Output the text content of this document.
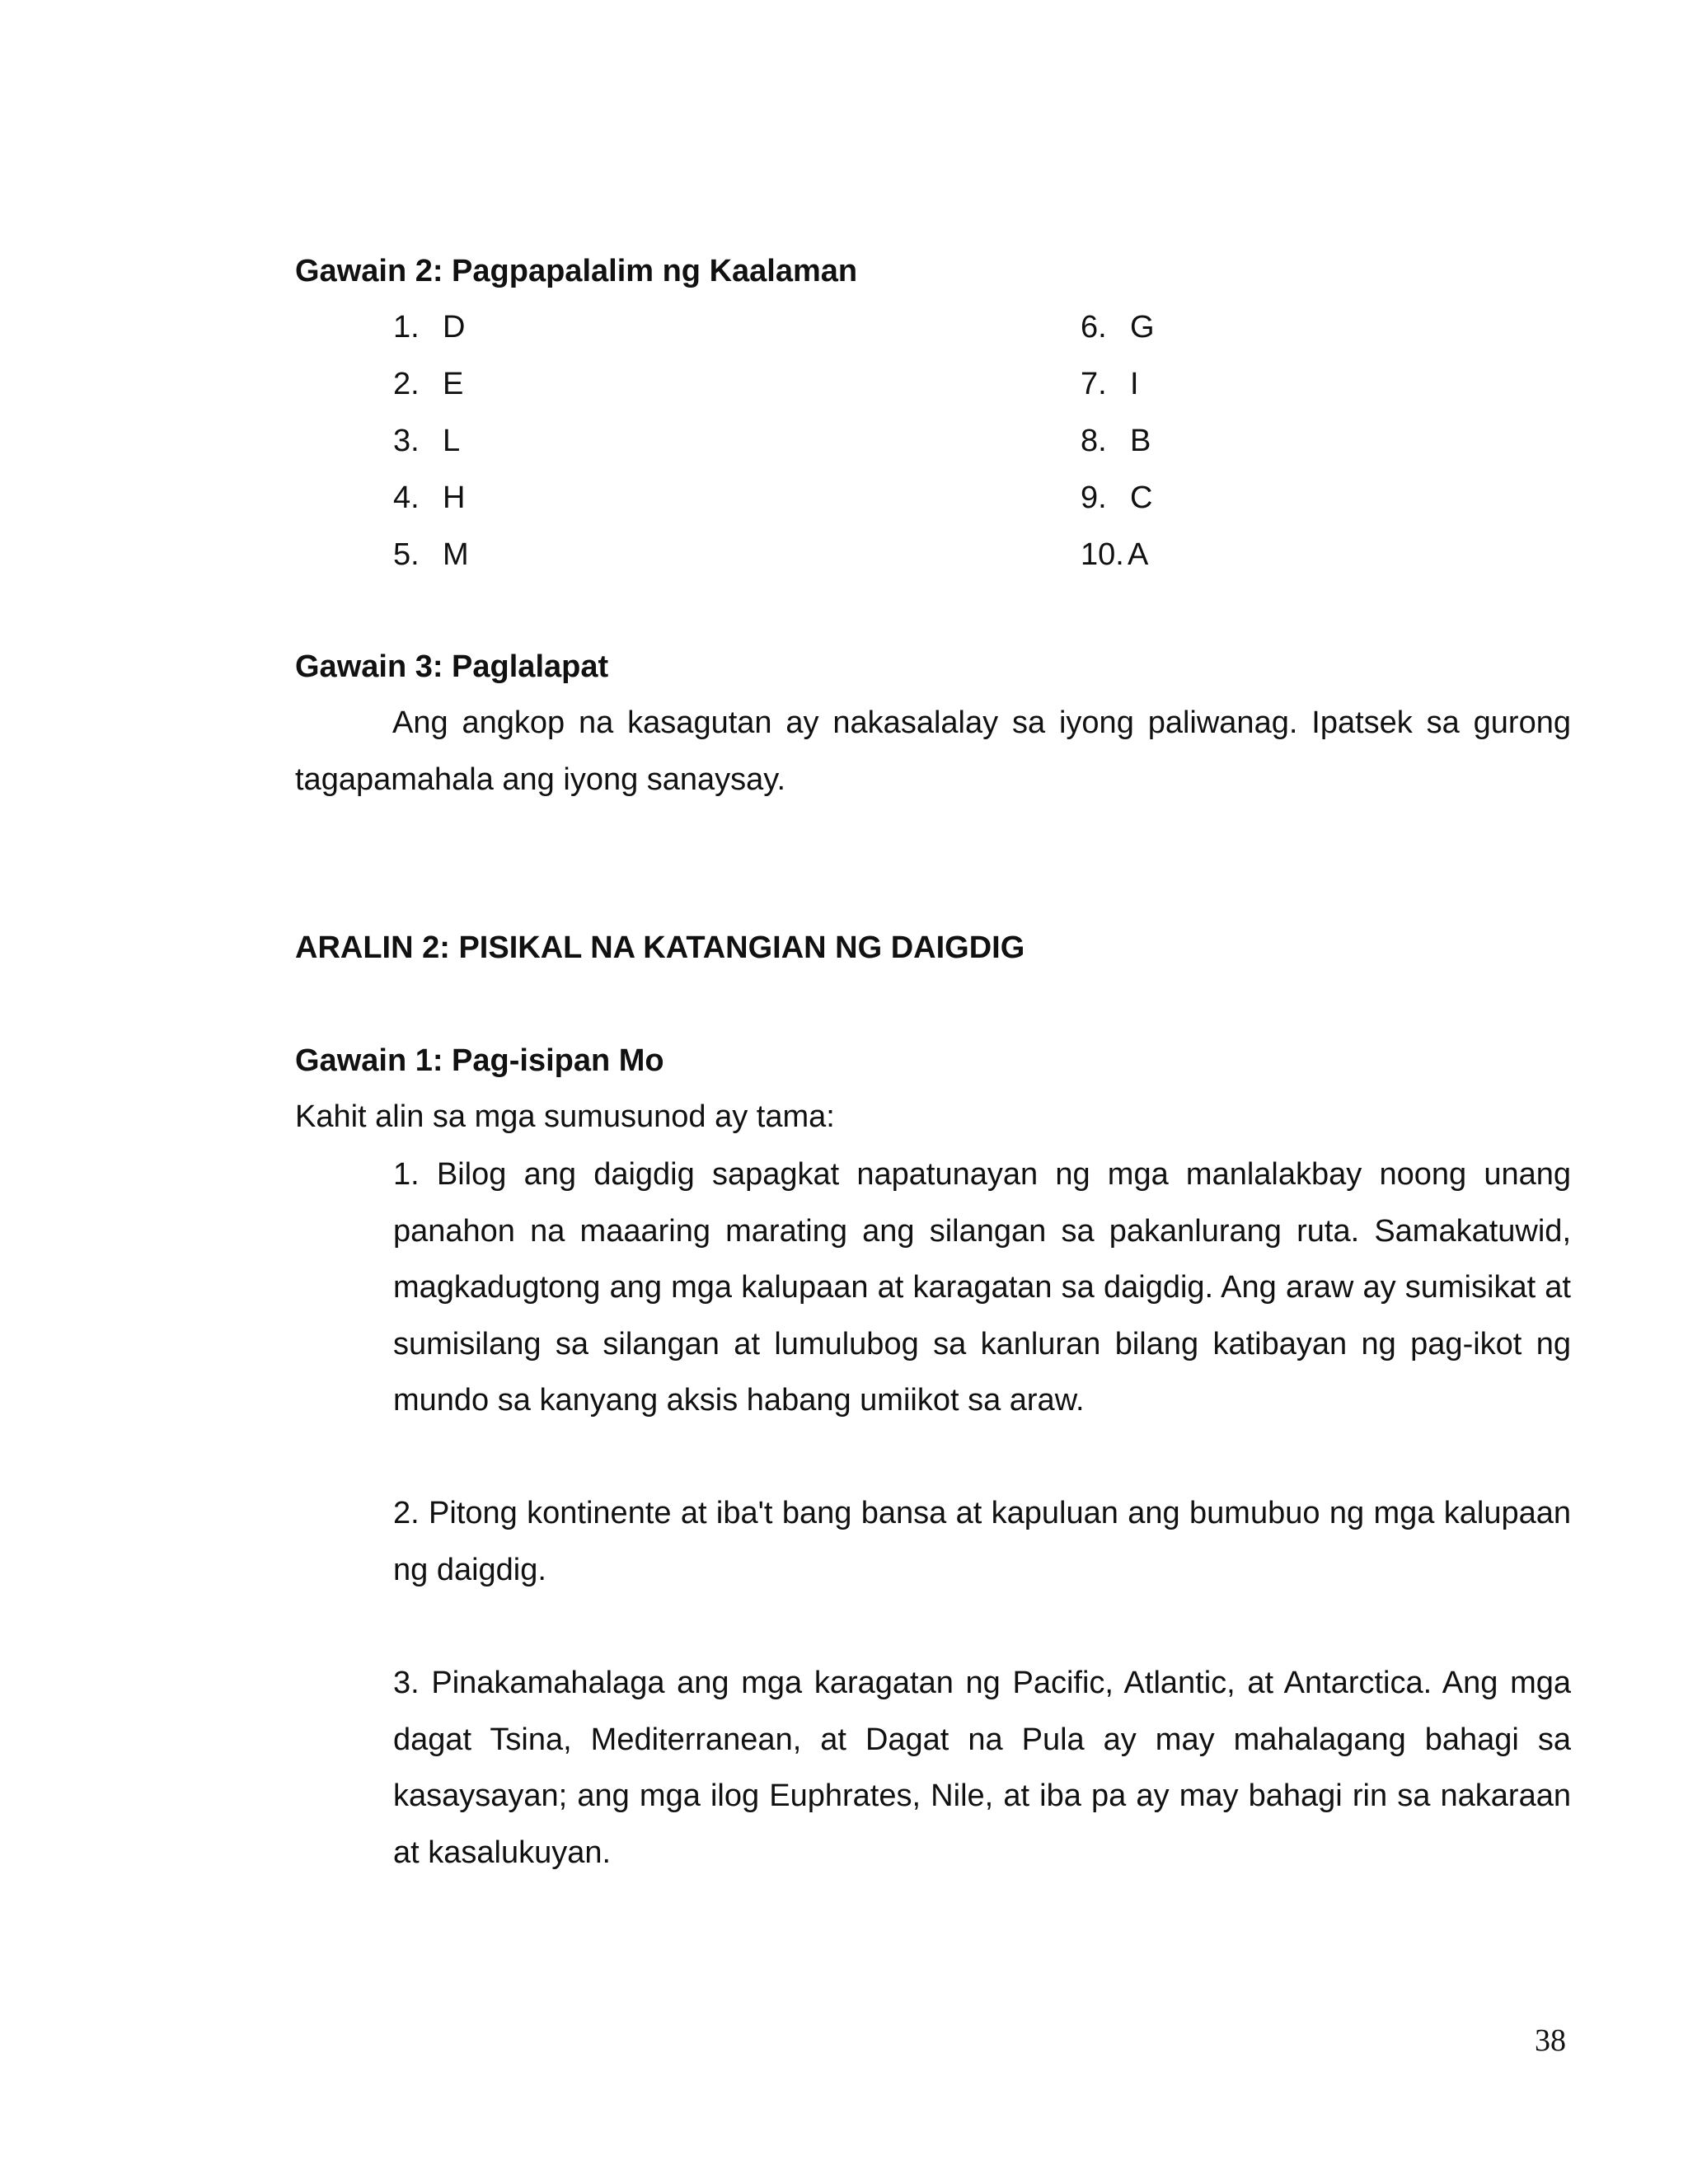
Gawain 2: Pagpapalalim ng Kaalaman
1. D
2. E
3. L
4. H
5. M
6. G
7. I
8. B
9. C
10. A
Gawain 3: Paglalapat

Ang angkop na kasagutan ay nakasalalay sa iyong paliwanag. Ipatsek sa gurong tagapamahala ang iyong sanaysay.

ARALIN 2: PISIKAL NA KATANGIAN NG DAIGDIG
Gawain 1: Pag-isipan Mo

Kahit alin sa mga sumusunod ay tama:

1. Bilog ang daigdig sapagkat napatunayan ng mga manlalakbay noong unang panahon na maaaring marating ang silangan sa pakanlurang ruta. Samakatuwid, magkadugtong ang mga kalupaan at karagatan sa daigdig. Ang araw ay sumisikat at sumisilang sa silangan at lumulubog sa kanluran bilang katibayan ng pag-ikot ng mundo sa kanyang aksis habang umiikot sa araw.

2. Pitong kontinente at iba't bang bansa at kapuluan ang bumubuo ng mga kalupaan ng daigdig.

3. Pinakamahalaga ang mga karagatan ng Pacific, Atlantic, at Antarctica. Ang mga dagat Tsina, Mediterranean, at Dagat na Pula ay may mahalagang bahagi sa kasaysayan; ang mga ilog Euphrates, Nile, at iba pa ay may bahagi rin sa nakaraan at kasalukuyan.

38
